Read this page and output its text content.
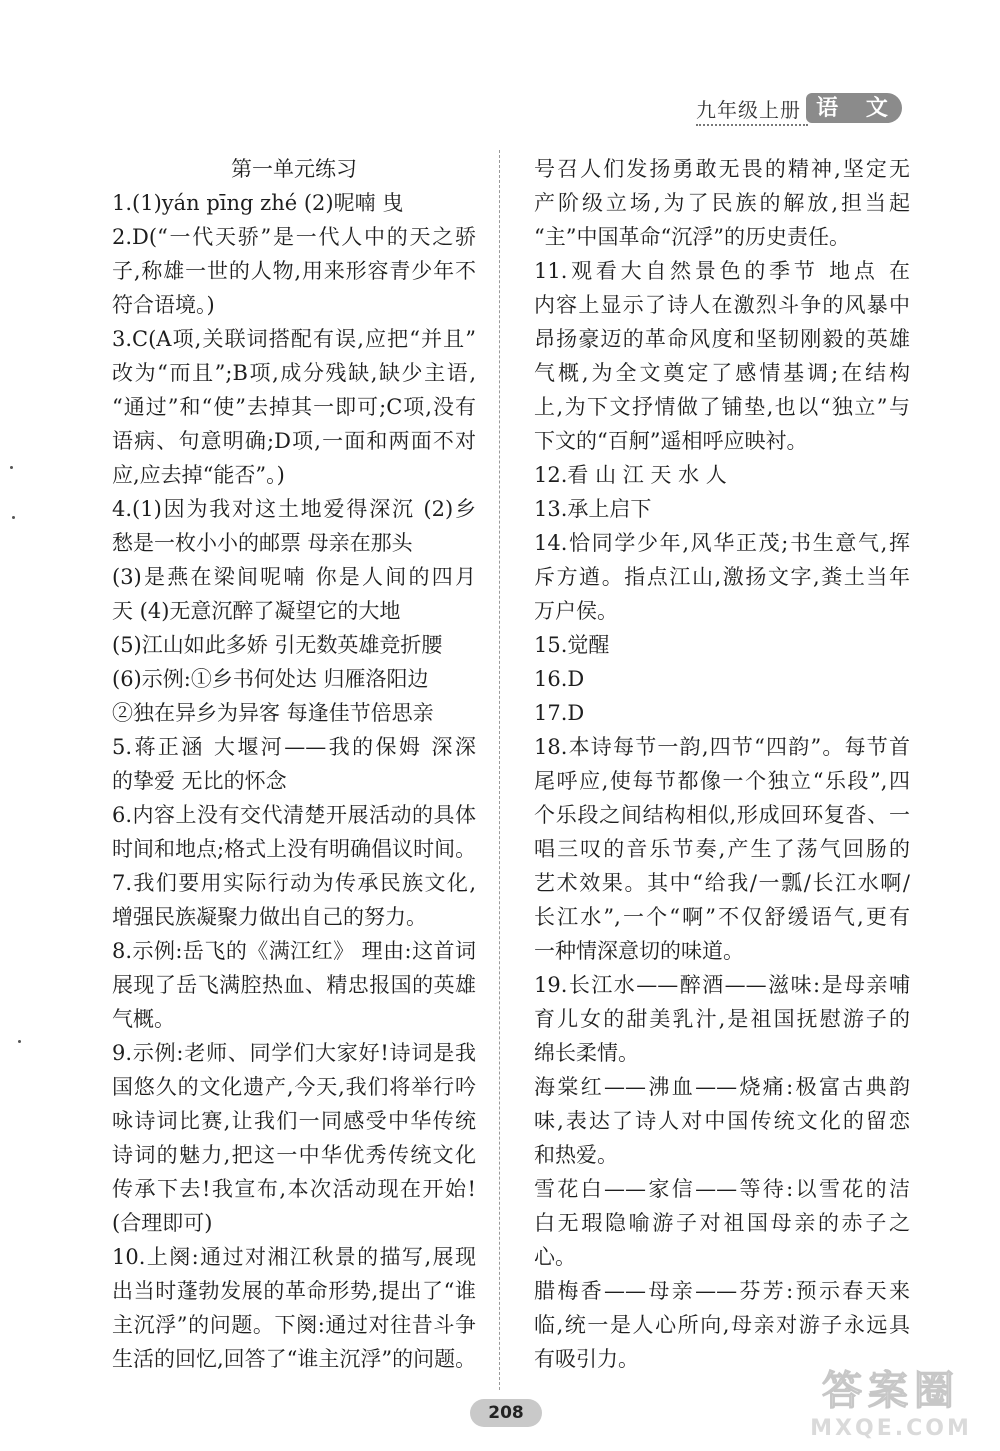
九年级上册 语 文

第一单元练习

1.(1)yán pīng zhé (2)呢喃 曳

2.D(“一代天骄”是一代人中的天之骄

子,称雄一世的人物,用来形容青少年不

符合语境。)

3.C(A项,关联词搭配有误,应把“并且”

改为“而且”;B项,成分残缺,缺少主语,

“通过”和“使”去掉其一即可;C项,没有

语病、句意明确;D项,一面和两面不对

应,应去掉“能否”。)

4.(1)因为我对这土地爱得深沉 (2)乡

愁是一枚小小的邮票 母亲在那头

(3)是燕在梁间呢喃 你是人间的四月

天 (4)无意沉醉了凝望它的大地

(5)江山如此多娇 引无数英雄竞折腰

(6)示例:①乡书何处达 归雁洛阳边

②独在异乡为异客 每逢佳节倍思亲

5.蒋正涵 大堰河——我的保姆 深深

的挚爱 无比的怀念

6.内容上没有交代清楚开展活动的具体

时间和地点;格式上没有明确倡议时间。

7.我们要用实际行动为传承民族文化,

增强民族凝聚力做出自己的努力。

8.示例:岳飞的《满江红》 理由:这首词

展现了岳飞满腔热血、精忠报国的英雄

气概。

9.示例:老师、同学们大家好!诗词是我

国悠久的文化遗产,今天,我们将举行吟

咏诗词比赛,让我们一同感受中华传统

诗词的魅力,把这一中华优秀传统文化

传承下去!我宣布,本次活动现在开始!

(合理即可)

10.上阕:通过对湘江秋景的描写,展现

出当时蓬勃发展的革命形势,提出了“谁

主沉浮”的问题。下阕:通过对往昔斗争

生活的回忆,回答了“谁主沉浮”的问题。

号召人们发扬勇敢无畏的精神,坚定无

产阶级立场,为了民族的解放,担当起

“主”中国革命“沉浮”的历史责任。

11.观看大自然景色的季节 地点 在

内容上显示了诗人在激烈斗争的风暴中

昂扬豪迈的革命风度和坚韧刚毅的英雄

气概,为全文奠定了感情基调;在结构

上,为下文抒情做了铺垫,也以“独立”与

下文的“百舸”遥相呼应映衬。

12.看 山 江 天 水 人

13.承上启下

14.恰同学少年,风华正茂;书生意气,挥

斥方遒。指点江山,激扬文字,粪土当年

万户侯。

15.觉醒

16.D

17.D

18.本诗每节一韵,四节“四韵”。每节首

尾呼应,使每节都像一个独立“乐段”,四

个乐段之间结构相似,形成回环复沓、一

唱三叹的音乐节奏,产生了荡气回肠的

艺术效果。其中“给我/一瓢/长江水啊/

长江水”,一个“啊”不仅舒缓语气,更有

一种情深意切的味道。

19.长江水——醉酒——滋味:是母亲哺

育儿女的甜美乳汁,是祖国抚慰游子的

绵长柔情。

海棠红——沸血——烧痛:极富古典韵

味,表达了诗人对中国传统文化的留恋

和热爱。

雪花白——家信——等待:以雪花的洁

白无瑕隐喻游子对祖国母亲的赤子之

心。

腊梅香——母亲——芬芳:预示春天来

临,统一是人心所向,母亲对游子永远具

有吸引力。

208	答案圈
MXQE.COM
